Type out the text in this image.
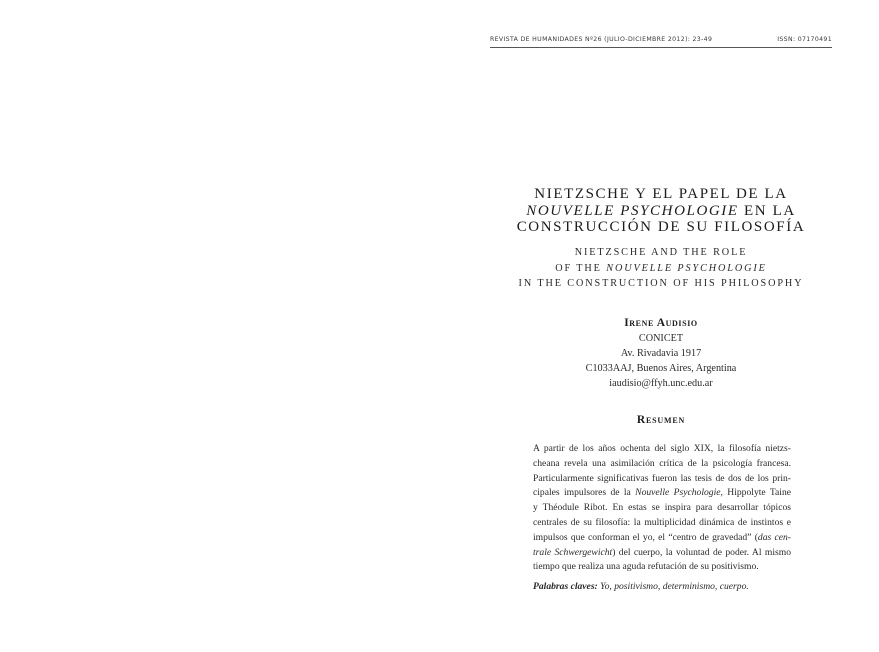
REVISTA DE HUMANIDADES Nº26 (JULIO-DICIEMBRE 2012): 23-49	ISSN: 07170491
NIETZSCHE Y EL PAPEL DE LA
NOUVELLE PSYCHOLOGIE EN LA
CONSTRUCCIÓN DE SU FILOSOFÍA
NIETZSCHE AND THE ROLE
OF THE NOUVELLE PSYCHOLOGIE
IN THE CONSTRUCTION OF HIS PHILOSOPHY
Irene Audisio
CONICET
Av. Rivadavia 1917
C1033AAJ, Buenos Aires, Argentina
iaudisio@ffyh.unc.edu.ar
Resumen
A partir de los años ochenta del siglo XIX, la filosofía nietzs-
cheana revela una asimilación crítica de la psicología francesa.
Particularmente significativas fueron las tesis de dos de los prin-
cipales impulsores de la Nouvelle Psychologie, Hippolyte Taine
y Théodule Ribot. En estas se inspira para desarrollar tópicos
centrales de su filosofía: la multiplicidad dinámica de instintos e
impulsos que conforman el yo, el “centro de gravedad” (das cen-
trale Schwergewicht) del cuerpo, la voluntad de poder. Al mismo
tiempo que realiza una aguda refutación de su positivismo.
Palabras claves: Yo, positivismo, determinismo, cuerpo.
